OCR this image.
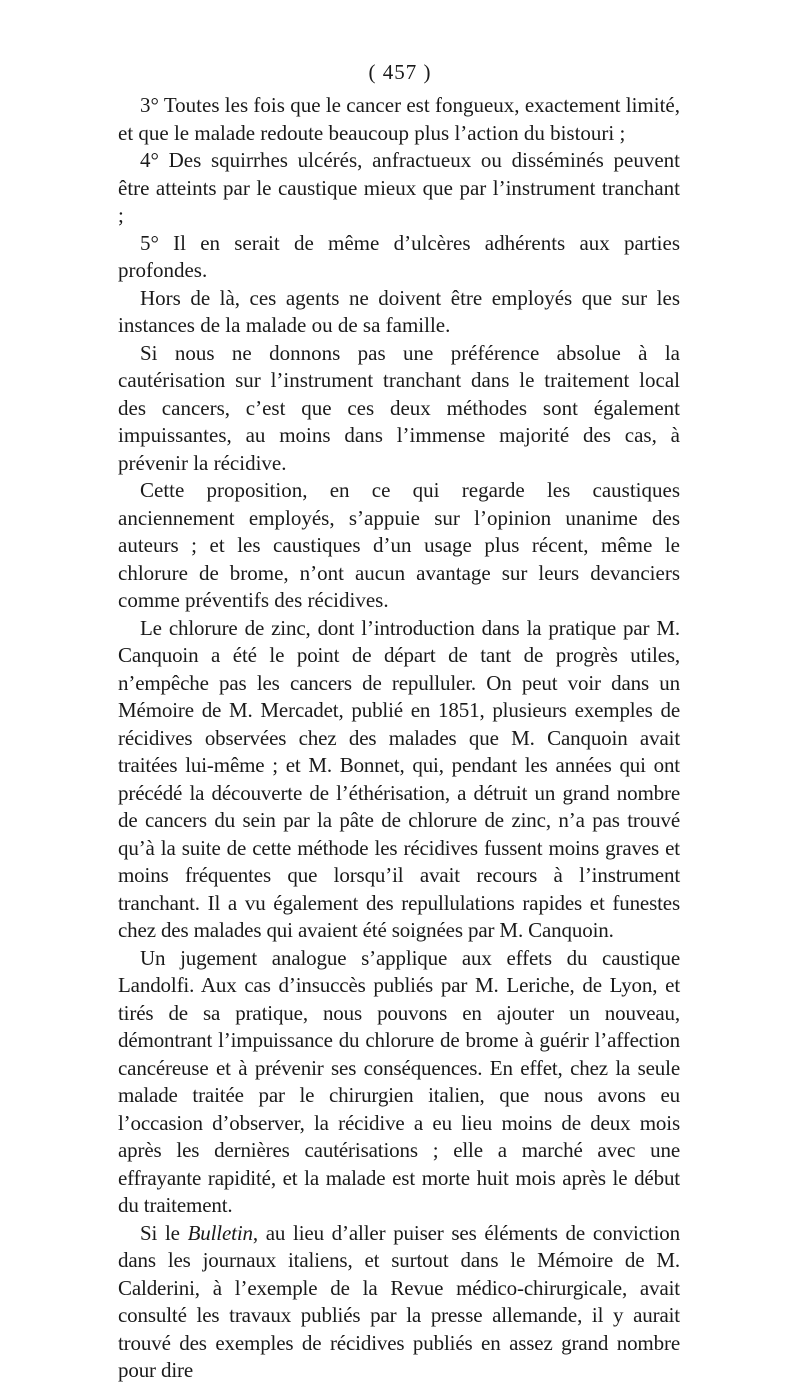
( 457 )

3° Toutes les fois que le cancer est fongueux, exactement limité, et que le malade redoute beaucoup plus l’action du bistouri ;

4° Des squirrhes ulcérés, anfractueux ou disséminés peuvent être atteints par le caustique mieux que par l’instrument tranchant ;

5° Il en serait de même d’ulcères adhérents aux parties profondes.

Hors de là, ces agents ne doivent être employés que sur les instances de la malade ou de sa famille.

Si nous ne donnons pas une préférence absolue à la cautérisation sur l’instrument tranchant dans le traitement local des cancers, c’est que ces deux méthodes sont également impuissantes, au moins dans l’immense majorité des cas, à prévenir la récidive.

Cette proposition, en ce qui regarde les caustiques anciennement employés, s’appuie sur l’opinion unanime des auteurs ; et les caustiques d’un usage plus récent, même le chlorure de brome, n’ont aucun avantage sur leurs devanciers comme préventifs des récidives.

Le chlorure de zinc, dont l’introduction dans la pratique par M. Canquoin a été le point de départ de tant de progrès utiles, n’empêche pas les cancers de repulluler. On peut voir dans un Mémoire de M. Mercadet, publié en 1851, plusieurs exemples de récidives observées chez des malades que M. Canquoin avait traitées lui-même ; et M. Bonnet, qui, pendant les années qui ont précédé la découverte de l’éthérisation, a détruit un grand nombre de cancers du sein par la pâte de chlorure de zinc, n’a pas trouvé qu’à la suite de cette méthode les récidives fussent moins graves et moins fréquentes que lorsqu’il avait recours à l’instrument tranchant. Il a vu également des repullulations rapides et funestes chez des malades qui avaient été soignées par M. Canquoin.

Un jugement analogue s’applique aux effets du caustique Landolfi. Aux cas d’insuccès publiés par M. Leriche, de Lyon, et tirés de sa pratique, nous pouvons en ajouter un nouveau, démontrant l’impuissance du chlorure de brome à guérir l’affection cancéreuse et à prévenir ses conséquences. En effet, chez la seule malade traitée par le chirurgien italien, que nous avons eu l’occasion d’observer, la récidive a eu lieu moins de deux mois après les dernières cautérisations ; elle a marché avec une effrayante rapidité, et la malade est morte huit mois après le début du traitement.

Si le Bulletin, au lieu d’aller puiser ses éléments de conviction dans les journaux italiens, et surtout dans le Mémoire de M. Calderini, à l’exemple de la Revue médico-chirurgicale, avait consulté les travaux publiés par la presse allemande, il y aurait trouvé des exemples de récidives publiés en assez grand nombre pour dire
